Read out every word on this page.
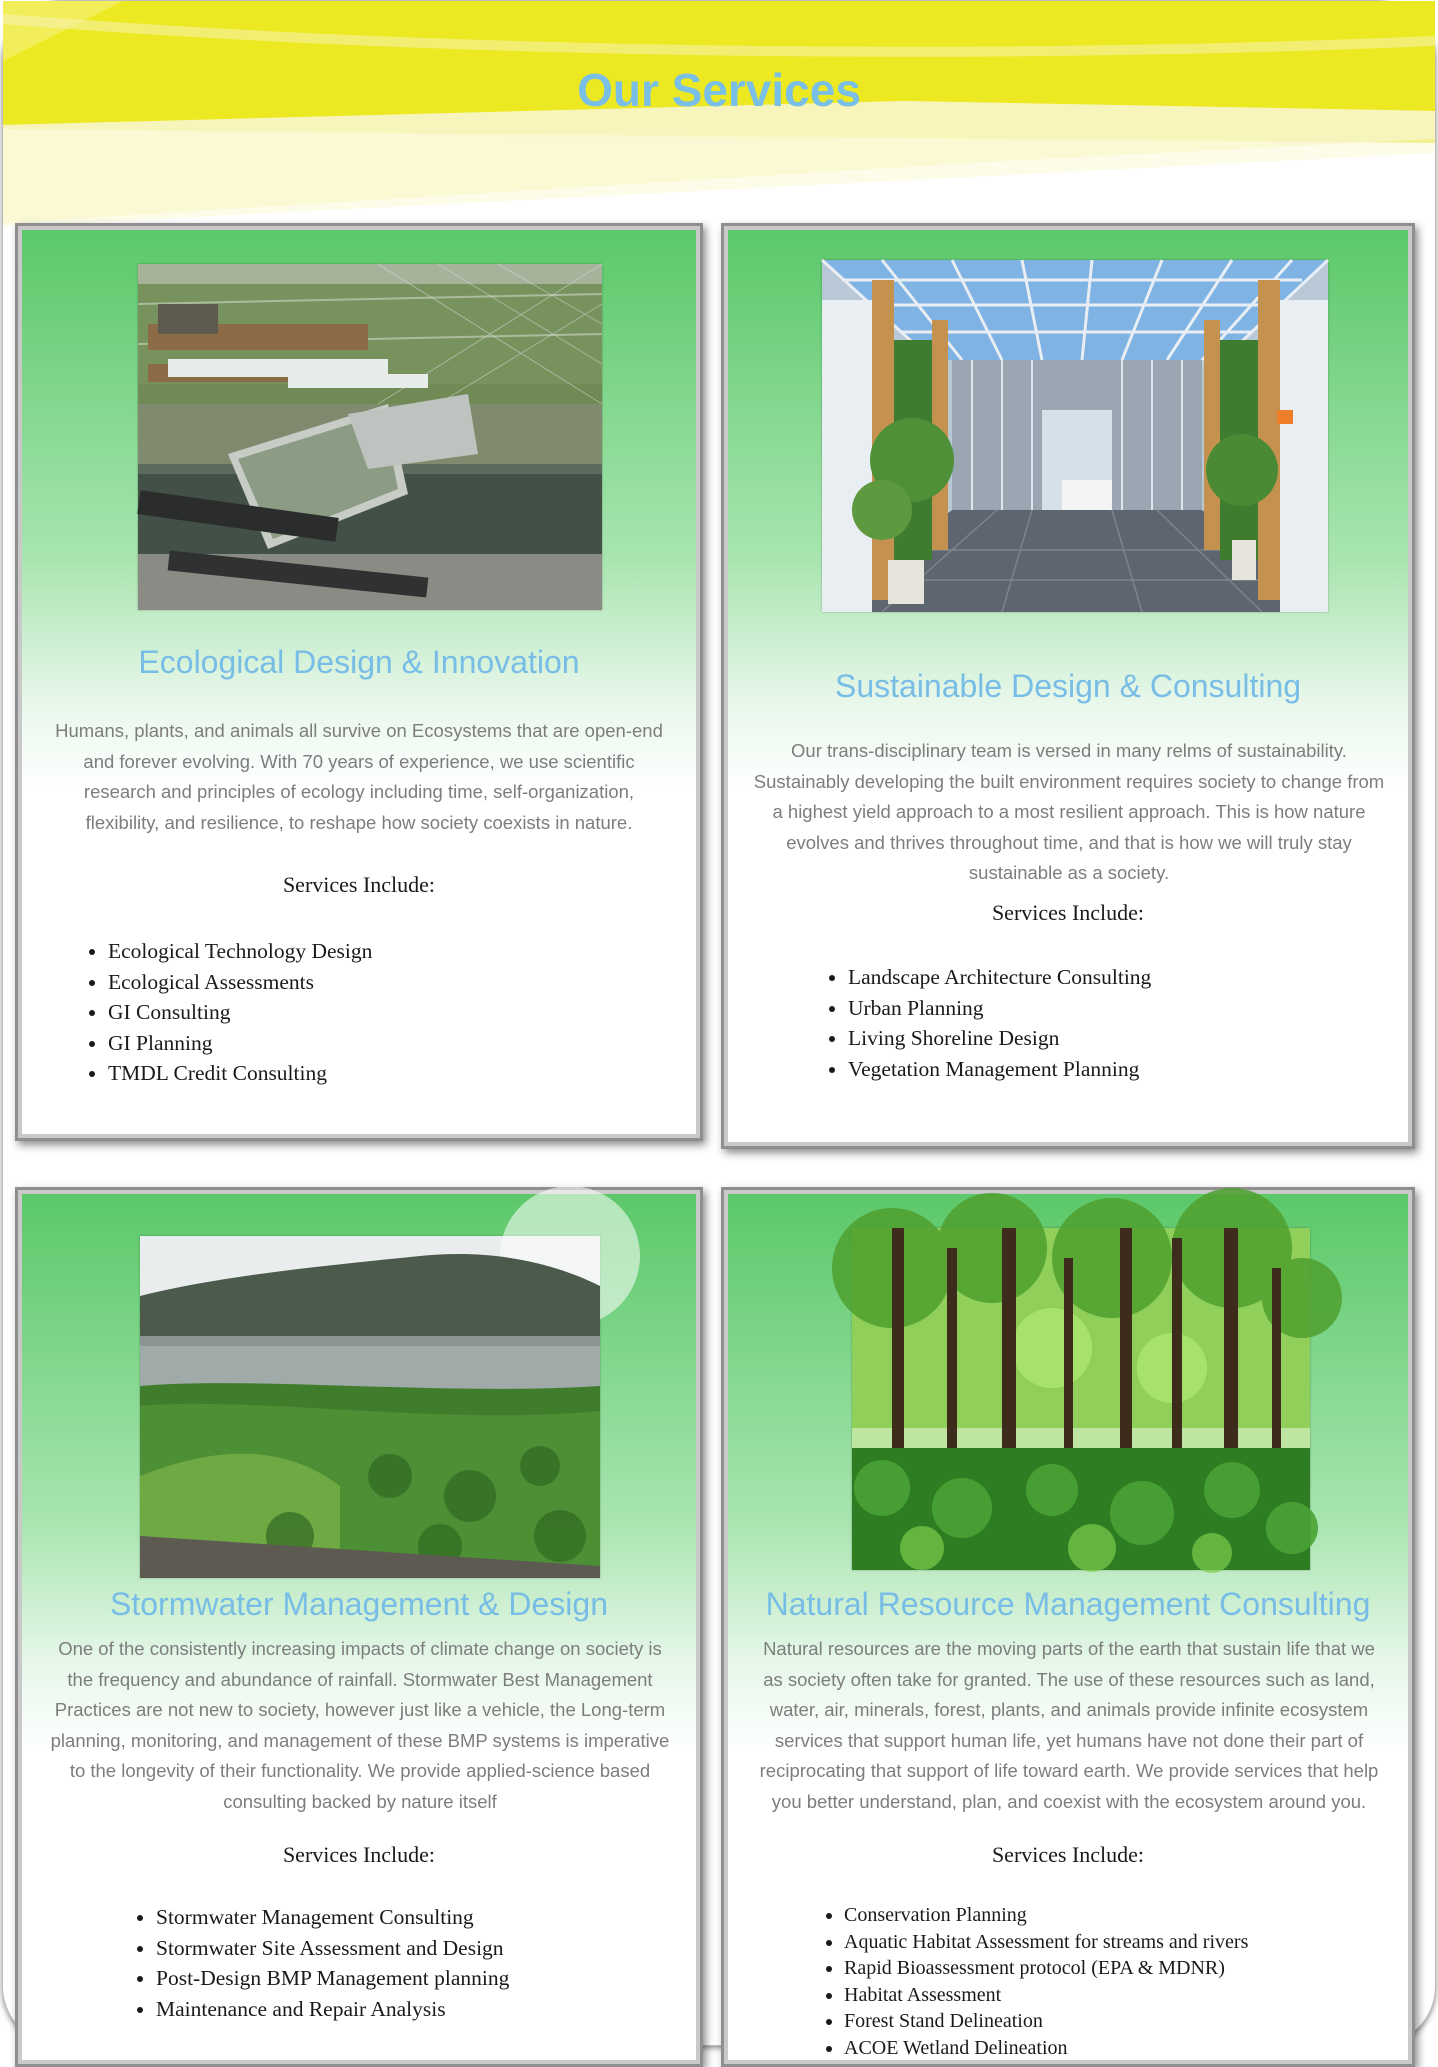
Our Services
Ecological Design & Innovation

Humans, plants, and animals all survive on Ecosystems that are open-end and forever evolving. With 70 years of experience, we use scientific research and principles of ecology including time, self-organization, flexibility, and resilience, to reshape how society coexists in nature.

Services Include:

• Ecological Technology Design
• Ecological Assessments
• GI Consulting
• GI Planning
• TMDL Credit Consulting
Sustainable Design & Consulting

Our trans-disciplinary team is versed in many relms of sustainability. Sustainably developing the built environment requires society to change from a highest yield approach to a most resilient approach. This is how nature evolves and thrives throughout time, and that is how we will truly stay sustainable as a society.

Services Include:

• Landscape Architecture Consulting
• Urban Planning
• Living Shoreline Design
• Vegetation Management Planning
Stormwater Management & Design

One of the consistently increasing impacts of climate change on society is the frequency and abundance of rainfall. Stormwater Best Management Practices are not new to society, however just like a vehicle, the Long-term planning, monitoring, and management of these BMP systems is imperative to the longevity of their functionality. We provide applied-science based consulting backed by nature itself

Services Include:

• Stormwater Management Consulting
• Stormwater Site Assessment and Design
• Post-Design BMP Management planning
• Maintenance and Repair Analysis
Natural Resource Management Consulting

Natural resources are the moving parts of the earth that sustain life that we as society often take for granted. The use of these resources such as land, water, air, minerals, forest, plants, and animals provide infinite ecosystem services that support human life, yet humans have not done their part of reciprocating that support of life toward earth. We provide services that help you better understand, plan, and coexist with the ecosystem around you.

Services Include:

• Conservation Planning
• Aquatic Habitat Assessment for streams and rivers
• Rapid Bioassessment protocol (EPA & MDNR)
• Habitat Assessment
• Forest Stand Delineation
• ACOE Wetland Delineation
